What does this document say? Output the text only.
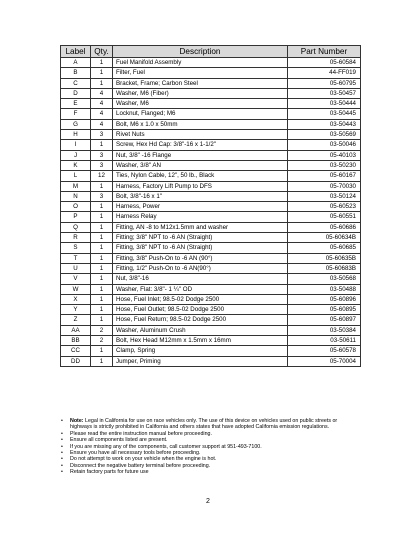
Label	Qty.	Description	Part Number
A	1	Fuel Manifold Assembly	05-60584
B	1	Filter, Fuel	44-FF019
C	1	Bracket, Frame; Carbon Steel	05-60795
D	4	Washer, M6 (Fiber)	03-50457
E	4	Washer, M6	03-50444
F	4	Locknut, Flanged; M6	03-50445
G	4	Bolt, M6 x 1.0 x 50mm	03-50443
H	3	Rivet Nuts	03-50569
I	1	Screw, Hex Hd Cap: 3/8"-16 x 1-1/2"	03-50046
J	3	Nut, 3/8" -16 Flange	05-40103
K	3	Washer, 3/8" AN	03-50230
L	12	Ties, Nylon Cable, 12", 50 lb., Black	05-60167
M	1	Harness, Factory Lift Pump to DFS	05-70030
N	3	Bolt, 3/8"-16 x 1"	03-50124
O	1	Harness, Power	05-60523
P	1	Harness Relay	05-60551
Q	1	Fitting, AN -8 to M12x1.5mm and washer	05-60686
R	1	Fitting; 3/8" NPT to -6 AN (Straight)	05-60634B
S	1	Fitting, 3/8" NPT to -6 AN (Straight)	05-60685
T	1	Fitting, 3/8" Push-On to -6 AN (90°)	05-60635B
U	1	Fitting, 1/2" Push-On to -6 AN(90°)	05-60683B
V	1	Nut, 3/8"-16	03-50568
W	1	Washer, Flat: 3/8"- 1 ¼" OD	03-50488
X	1	Hose, Fuel Inlet; 98.5-02 Dodge 2500	05-60896
Y	1	Hose, Fuel Outlet; 98.5-02 Dodge 2500	05-60895
Z	1	Hose, Fuel Return; 98.5-02 Dodge 2500	05-60897
AA	2	Washer, Aluminum Crush	03-50384
BB	2	Bolt, Hex Head M12mm x 1.5mm x 16mm	03-50611
CC	1	Clamp, Spring	05-60578
DD	1	Jumper, Priming	05-70004
• Note: Legal in California for use on race vehicles only. The use of this device on vehicles used on public streets or highways is strictly prohibited in California and others states that have adopted California emission regulations.
• Please read the entire instruction manual before proceeding.
• Ensure all components listed are present.
• If you are missing any of the components, call customer support at 951-493-7100.
• Ensure you have all necessary tools before proceeding.
• Do not attempt to work on your vehicle when the engine is hot.
• Disconnect the negative battery terminal before proceeding.
• Retain factory parts for future use
2
